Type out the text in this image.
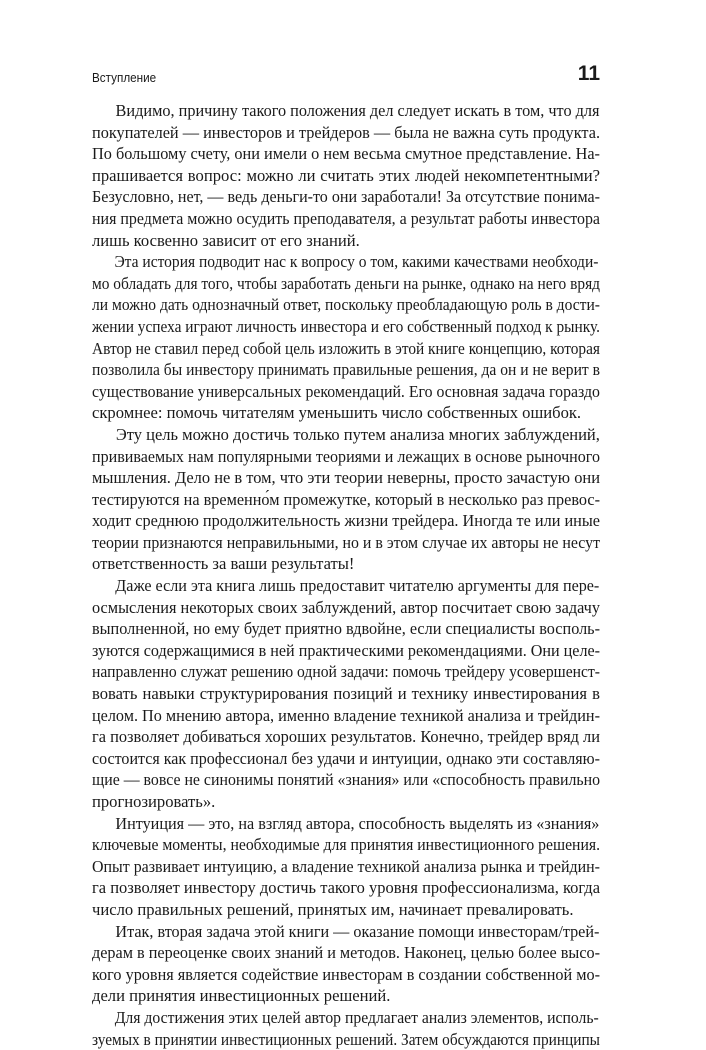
Вступление	11
Видимо, причину такого положения дел следует искать в том, что для
покупателей — инвесторов и трейдеров — была не важна суть продукта.
По большому счету, они имели о нем весьма смутное представление. На-
прашивается вопрос: можно ли считать этих людей некомпетентными?
Безусловно, нет, — ведь деньги-то они заработали! За отсутствие понима-
ния предмета можно осудить преподавателя, а результат работы инвестора
лишь косвенно зависит от его знаний.
Эта история подводит нас к вопросу о том, какими качествами необходи-
мо обладать для того, чтобы заработать деньги на рынке, однако на него вряд
ли можно дать однозначный ответ, поскольку преобладающую роль в дости-
жении успеха играют личность инвестора и его собственный подход к рынку.
Автор не ставил перед собой цель изложить в этой книге концепцию, которая
позволила бы инвестору принимать правильные решения, да он и не верит в
существование универсальных рекомендаций. Его основная задача гораздо
скромнее: помочь читателям уменьшить число собственных ошибок.
Эту цель можно достичь только путем анализа многих заблуждений,
прививаемых нам популярными теориями и лежащих в основе рыночного
мышления. Дело не в том, что эти теории неверны, просто зачастую они
тестируются на временно́м промежутке, который в несколько раз превос-
ходит среднюю продолжительность жизни трейдера. Иногда те или иные
теории признаются неправильными, но и в этом случае их авторы не несут
ответственность за ваши результаты!
Даже если эта книга лишь предоставит читателю аргументы для пере-
осмысления некоторых своих заблуждений, автор посчитает свою задачу
выполненной, но ему будет приятно вдвойне, если специалисты восполь-
зуются содержащимися в ней практическими рекомендациями. Они целе-
направленно служат решению одной задачи: помочь трейдеру усовершенст-
вовать навыки структурирования позиций и технику инвестирования в
целом. По мнению автора, именно владение техникой анализа и трейдин-
га позволяет добиваться хороших результатов. Конечно, трейдер вряд ли
состоится как профессионал без удачи и интуиции, однако эти составляю-
щие — вовсе не синонимы понятий «знания» или «способность правильно
прогнозировать».
Интуиция — это, на взгляд автора, способность выделять из «знания»
ключевые моменты, необходимые для принятия инвестиционного решения.
Опыт развивает интуицию, а владение техникой анализа рынка и трейдин-
га позволяет инвестору достичь такого уровня профессионализма, когда
число правильных решений, принятых им, начинает превалировать.
Итак, вторая задача этой книги — оказание помощи инвесторам/трей-
дерам в переоценке своих знаний и методов. Наконец, целью более высо-
кого уровня является содействие инвесторам в создании собственной мо-
дели принятия инвестиционных решений.
Для достижения этих целей автор предлагает анализ элементов, исполь-
зуемых в принятии инвестиционных решений. Затем обсуждаются принципы
